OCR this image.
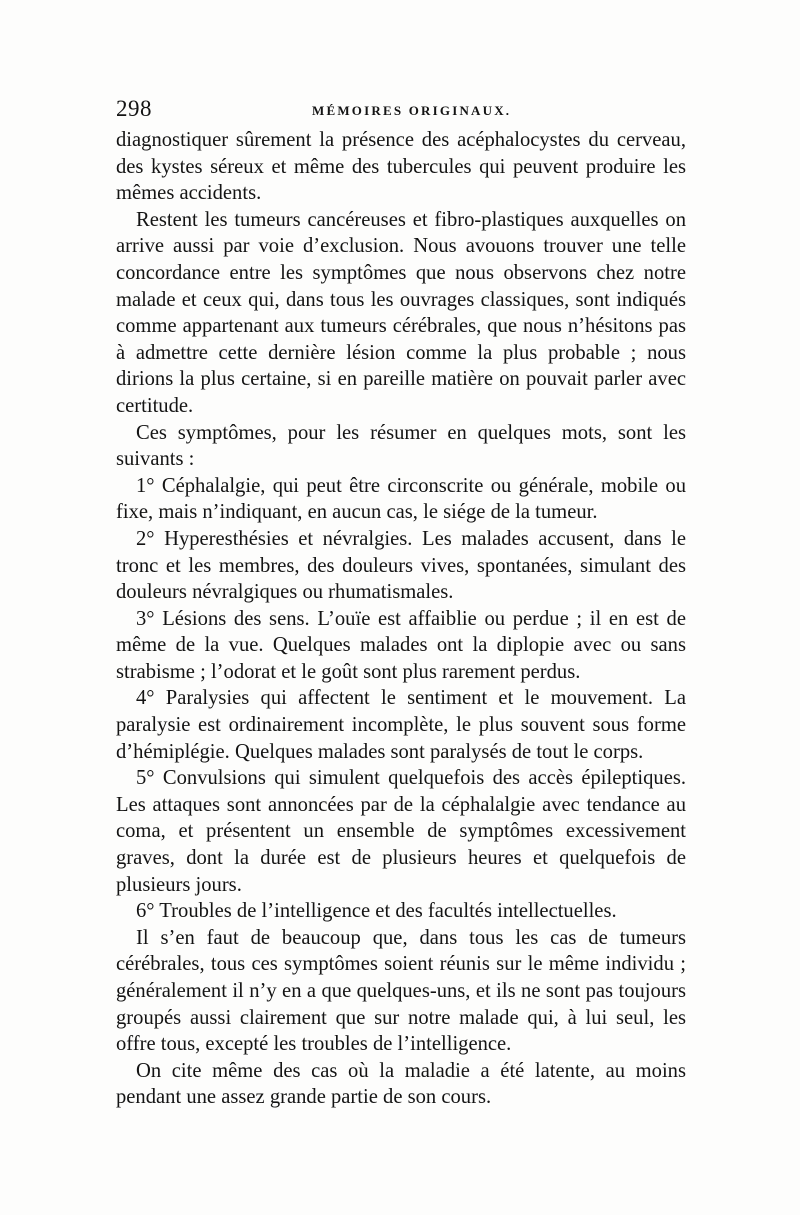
298	MÉMOIRES ORIGINAUX.

diagnostiquer sûrement la présence des acéphalocystes du cerveau, des kystes séreux et même des tubercules qui peuvent produire les mêmes accidents.

Restent les tumeurs cancéreuses et fibro-plastiques auxquelles on arrive aussi par voie d’exclusion. Nous avouons trouver une telle concordance entre les symptômes que nous observons chez notre malade et ceux qui, dans tous les ouvrages classiques, sont indiqués comme appartenant aux tumeurs cérébrales, que nous n’hésitons pas à admettre cette dernière lésion comme la plus probable ; nous dirions la plus certaine, si en pareille matière on pouvait parler avec certitude.

Ces symptômes, pour les résumer en quelques mots, sont les suivants :

1° Céphalalgie, qui peut être circonscrite ou générale, mobile ou fixe, mais n’indiquant, en aucun cas, le siége de la tumeur.

2° Hyperesthésies et névralgies. Les malades accusent, dans le tronc et les membres, des douleurs vives, spontanées, simulant des douleurs névralgiques ou rhumatismales.

3° Lésions des sens. L’ouïe est affaiblie ou perdue ; il en est de même de la vue. Quelques malades ont la diplopie avec ou sans strabisme ; l’odorat et le goût sont plus rarement perdus.

4° Paralysies qui affectent le sentiment et le mouvement. La paralysie est ordinairement incomplète, le plus souvent sous forme d’hémiplégie. Quelques malades sont paralysés de tout le corps.

5° Convulsions qui simulent quelquefois des accès épileptiques. Les attaques sont annoncées par de la céphalalgie avec tendance au coma, et présentent un ensemble de symptômes excessivement graves, dont la durée est de plusieurs heures et quelquefois de plusieurs jours.

6° Troubles de l’intelligence et des facultés intellectuelles.

Il s’en faut de beaucoup que, dans tous les cas de tumeurs cérébrales, tous ces symptômes soient réunis sur le même individu ; généralement il n’y en a que quelques-uns, et ils ne sont pas toujours groupés aussi clairement que sur notre malade qui, à lui seul, les offre tous, excepté les troubles de l’intelligence.

On cite même des cas où la maladie a été latente, au moins pendant une assez grande partie de son cours.
